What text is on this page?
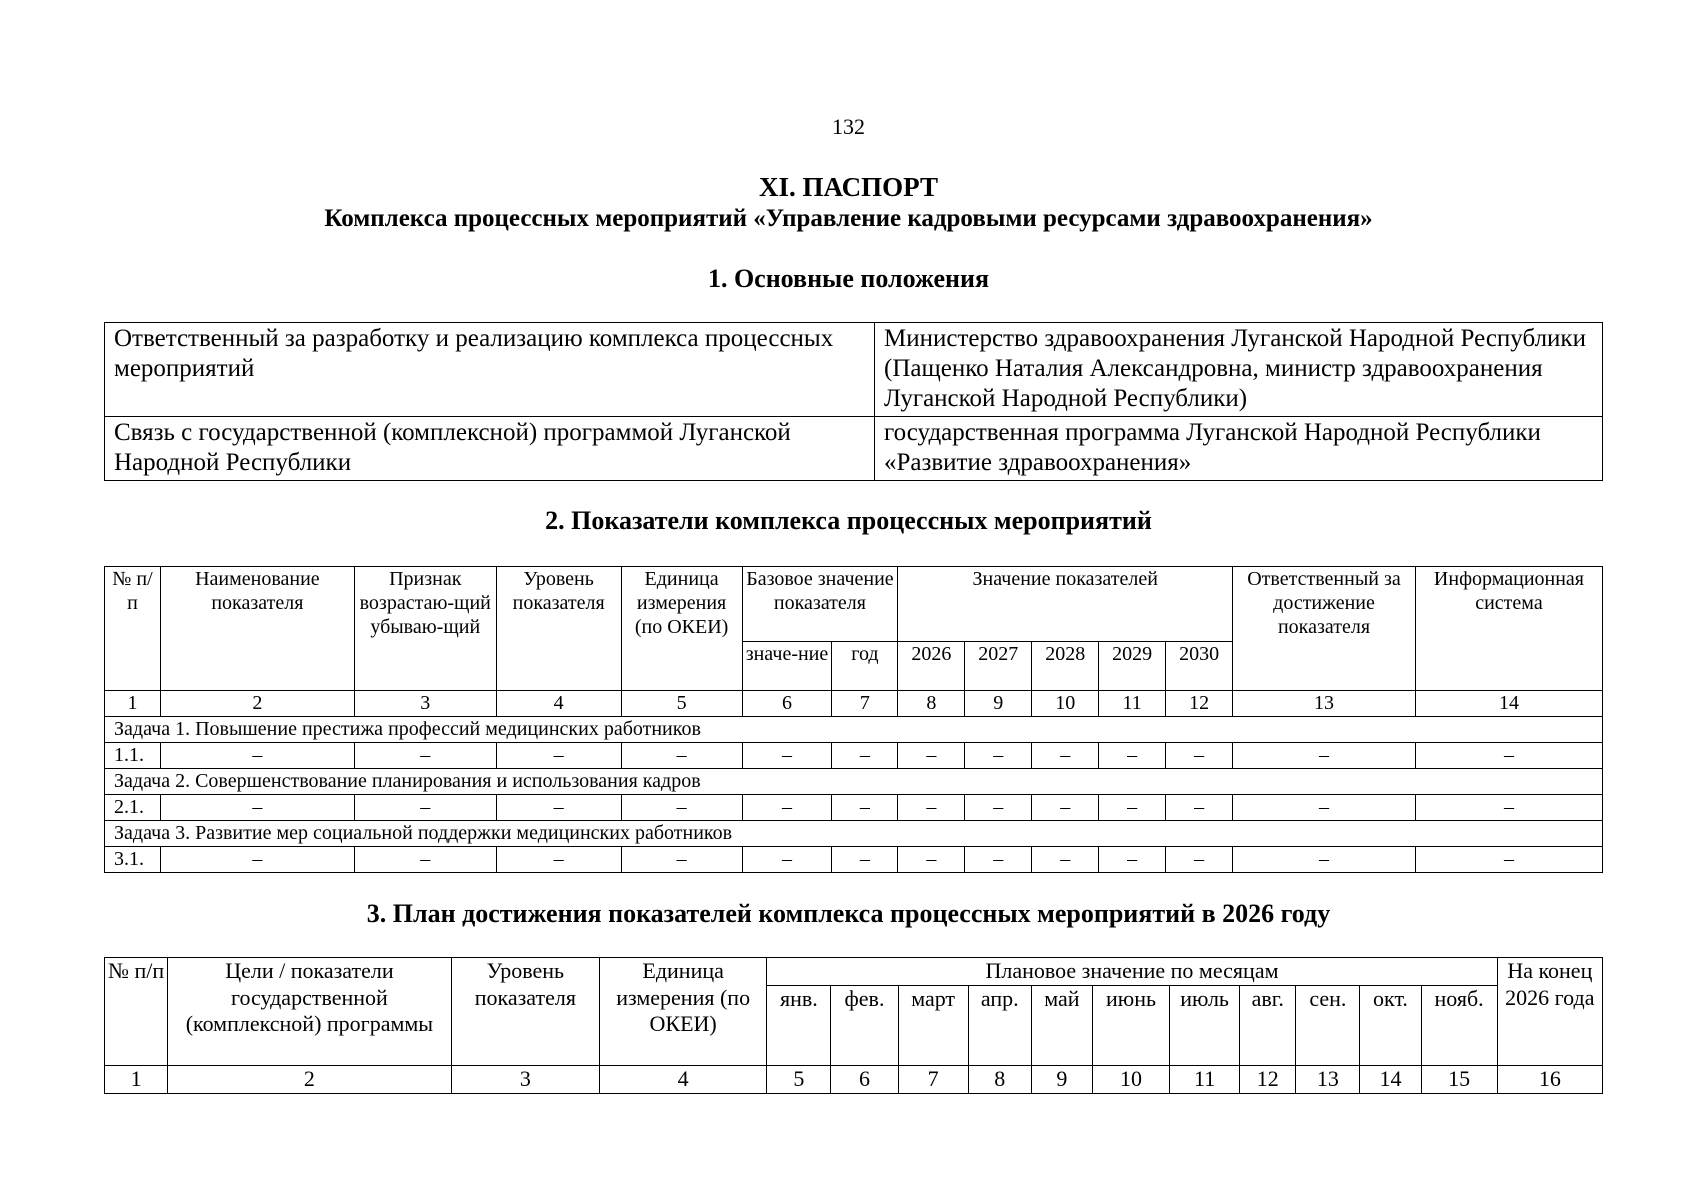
132
XI. ПАСПОРТ
Комплекса процессных мероприятий «Управление кадровыми ресурсами здравоохранения»
1. Основные положения
Ответственный за разработку и реализацию комплекса процессных мероприятий	Министерство здравоохранения Луганской Народной Республики (Пащенко Наталия Александровна, министр здравоохранения Луганской Народной Республики)
Связь с государственной (комплексной) программой Луганской Народной Республики	государственная программа Луганской Народной Республики «Развитие здравоохранения»
2. Показатели комплекса процессных мероприятий
№ п/п	Наименование показателя	Признак возрастаю-щий убываю-щий	Уровень показателя	Единица измерения (по ОКЕИ)	Базовое значение показателя		Значение показателей					Ответственный за достижение показателя	Информационная система
					значе-ние	год	2026	2027	2028	2029	2030		
1	2	3	4	5	6	7	8	9	10	11	12	13	14
Задача 1. Повышение престижа профессий медицинских работников													
1.1.	–	–	–	–	–	–	–	–	–	–	–	–	–
Задача 2. Совершенствование планирования и использования кадров													
2.1.	–	–	–	–	–	–	–	–	–	–	–	–	–
Задача 3. Развитие мер социальной поддержки медицинских работников													
3.1.	–	–	–	–	–	–	–	–	–	–	–	–	–
3. План достижения показателей комплекса процессных мероприятий в 2026 году
№ п/п	Цели / показатели государственной (комплексной) программы	Уровень показателя	Единица измерения (по ОКЕИ)	Плановое значение по месяцам											На конец 2026 года
				янв.	фев.	март	апр.	май	июнь	июль	авг.	сен.	окт.	нояб.	
1	2	3	4	5	6	7	8	9	10	11	12	13	14	15	16
